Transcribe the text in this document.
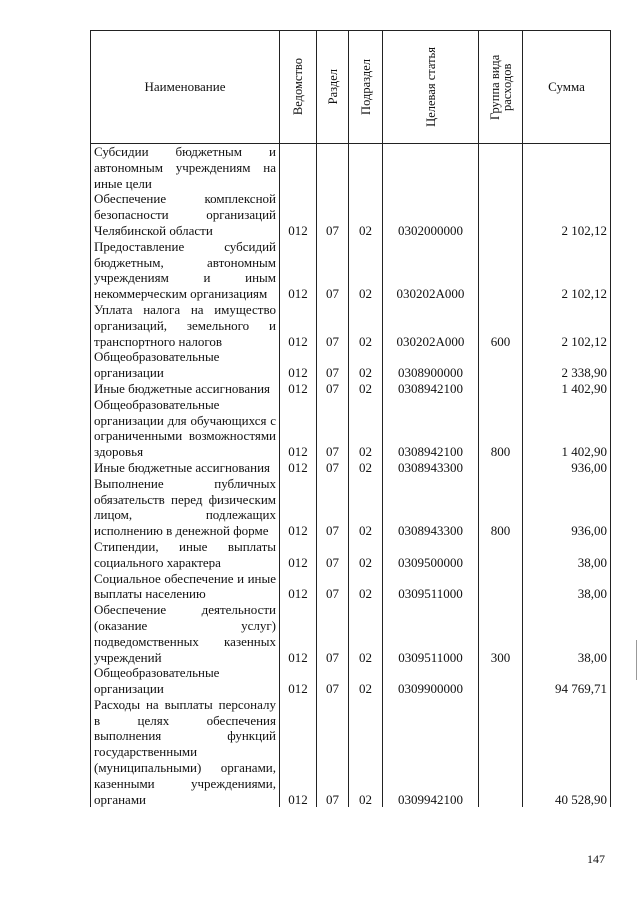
Наименование	Ведомство	Раздел	Подраздел	Целевая статья	Группа вида расходов	Сумма
Субсидии бюджетным и автономным учреждениям на иные цели						
Обеспечение комплексной безопасности организаций Челябинской области	012	07	02	0302000000		2 102,12
Предоставление субсидий бюджетным, автономным учреждениям и иным некоммерческим организациям	012	07	02	030202А000		2 102,12
Уплата налога на имущество организаций, земельного и транспортного налогов	012	07	02	030202А000	600	2 102,12
Общеобразовательные организации	012	07	02	0308900000		2 338,90
Иные бюджетные ассигнования	012	07	02	0308942100		1 402,90
Общеобразовательные организации для обучающихся с ограниченными возможностями здоровья	012	07	02	0308942100	800	1 402,90
Иные бюджетные ассигнования	012	07	02	0308943300		936,00
Выполнение публичных обязательств перед физическим лицом, подлежащих исполнению в денежной форме	012	07	02	0308943300	800	936,00
Стипендии, иные выплаты социального характера	012	07	02	0309500000		38,00
Социальное обеспечение и иные выплаты населению	012	07	02	0309511000		38,00
Обеспечение деятельности (оказание услуг) подведомственных казенных учреждений	012	07	02	0309511000	300	38,00
Общеобразовательные организации	012	07	02	0309900000		94 769,71
Расходы на выплаты персоналу в целях обеспечения выполнения функций государственными (муниципальными) органами, казенными учреждениями, органами	012	07	02	0309942100		40 528,90
147
